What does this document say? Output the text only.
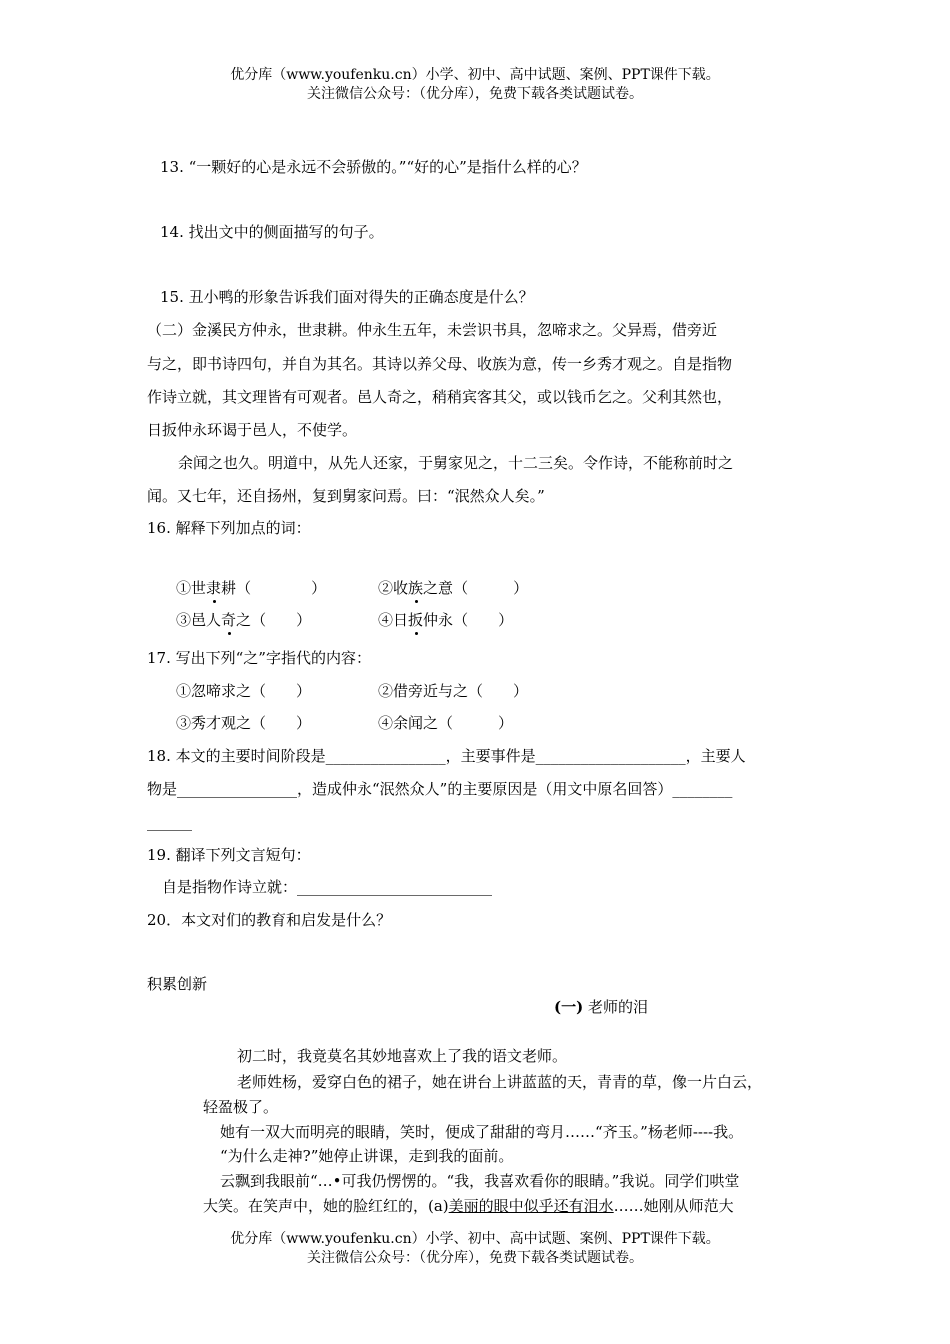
优分库（www.youfenku.cn）小学、初中、高中试题、案例、PPT课件下载。
关注微信公众号：（优分库），免费下载各类试题试卷。
13. “一颗好的心是永远不会骄傲的。”“好的心”是指什么样的心？
14. 找出文中的侧面描写的句子。
15. 丑小鸭的形象告诉我们面对得失的正确态度是什么？
（二）金溪民方仲永，世隶耕。仲永生五年，未尝识书具，忽啼求之。父异焉，借旁近
与之，即书诗四句，并自为其名。其诗以养父母、收族为意，传一乡秀才观之。自是指物
作诗立就，其文理皆有可观者。邑人奇之，稍稍宾客其父，或以钱币乞之。父利其然也，
日扳仲永环谒于邑人，不使学。
余闻之也久。明道中，从先人还家，于舅家见之，十二三矣。令作诗，不能称前时之
闻。又七年，还自扬州，复到舅家问焉。曰：“泯然众人矣。”
16. 解释下列加点的词：
①世隶耕（　　　　）	②收族之意（　　　）
③邑人奇之（　　）	④日扳仲永（　　）
17. 写出下列“之”字指代的内容：
①忽啼求之（　　）	②借旁近与之（　　）
③秀才观之（　　）	④余闻之（　　　）
18. 本文的主要时间阶段是________________，主要事件是____________________，主要人
物是________________，造成仲永“泯然众人”的主要原因是（用文中原名回答）________
______
19. 翻译下列文言短句：
自是指物作诗立就：__________________________
20．本文对们的教育和启发是什么？
积累创新
(一) 老师的泪
初二时，我竟莫名其妙地喜欢上了我的语文老师。
老师姓杨，爱穿白色的裙子，她在讲台上讲蓝蓝的天，青青的草，像一片白云，
轻盈极了。
她有一双大而明亮的眼睛，笑时，便成了甜甜的弯月……“齐玉。”杨老师----我。
“为什么走神?”她停止讲课，走到我的面前。
云飘到我眼前“…•可我仍愣愣的。“我，我喜欢看你的眼睛。”我说。同学们哄堂
大笑。在笑声中，她的脸红红的，(a)美丽的眼中似乎还有泪水……她刚从师范大
优分库（www.youfenku.cn）小学、初中、高中试题、案例、PPT课件下载。
关注微信公众号：（优分库），免费下载各类试题试卷。
